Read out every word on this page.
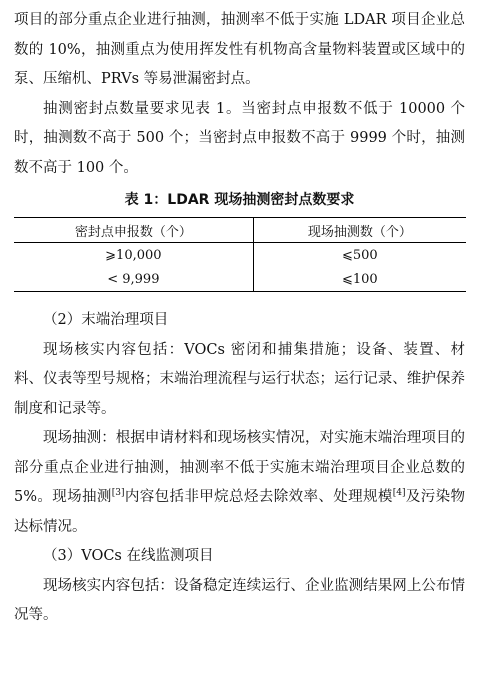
项目的部分重点企业进行抽测，抽测率不低于实施 LDAR 项目企业总数的 10%，抽测重点为使用挥发性有机物高含量物料装置或区域中的泵、压缩机、PRVs 等易泄漏密封点。

抽测密封点数量要求见表 1。当密封点申报数不低于 10000 个时，抽测数不高于 500 个；当密封点申报数不高于 9999 个时，抽测数不高于 100 个。

表 1：LDAR 现场抽测密封点数要求
密封点申报数（个）	现场抽测数（个）
⩾10,000	⩽500
< 9,999	⩽100

（2）末端治理项目

现场核实内容包括：VOCs 密闭和捕集措施；设备、装置、材料、仪表等型号规格；末端治理流程与运行状态；运行记录、维护保养制度和记录等。

现场抽测：根据申请材料和现场核实情况，对实施末端治理项目的部分重点企业进行抽测，抽测率不低于实施末端治理项目企业总数的 5%。现场抽测[3]内容包括非甲烷总烃去除效率、处理规模[4]及污染物达标情况。

（3）VOCs 在线监测项目

现场核实内容包括：设备稳定连续运行、企业监测结果网上公布情况等。
